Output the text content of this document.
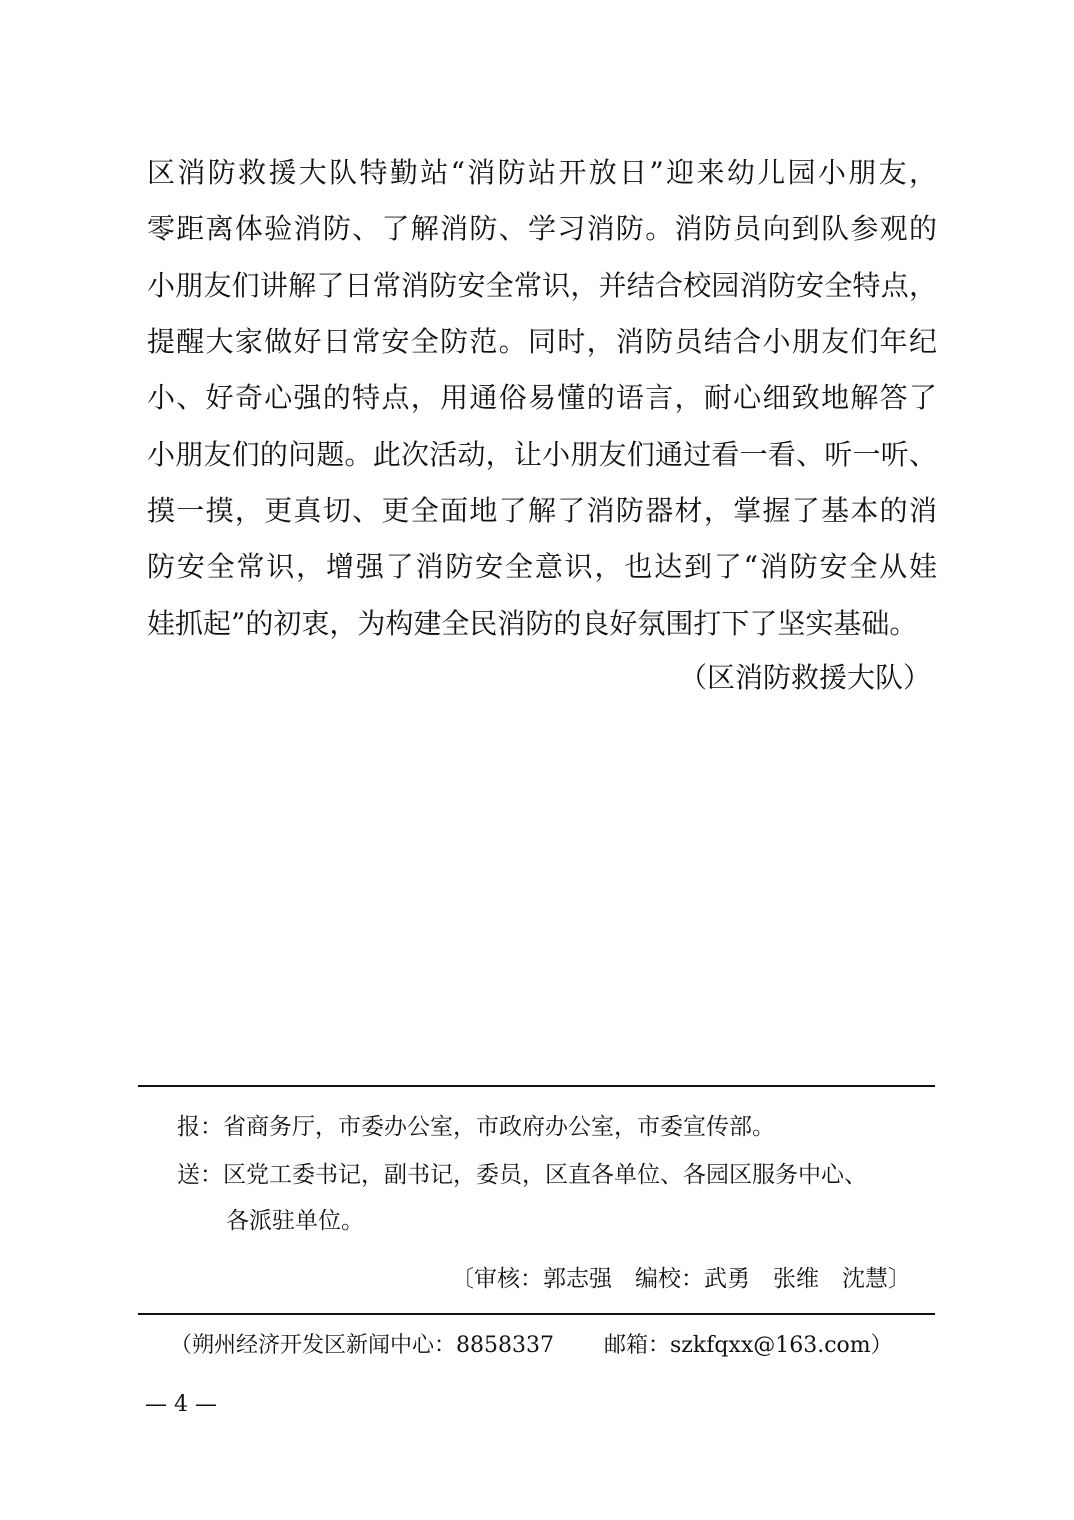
区消防救援大队特勤站“消防站开放日”迎来幼儿园小朋友，
零距离体验消防、了解消防、学习消防。消防员向到队参观的
小朋友们讲解了日常消防安全常识，并结合校园消防安全特点，
提醒大家做好日常安全防范。同时，消防员结合小朋友们年纪
小、好奇心强的特点，用通俗易懂的语言，耐心细致地解答了
小朋友们的问题。此次活动，让小朋友们通过看一看、听一听、
摸一摸，更真切、更全面地了解了消防器材，掌握了基本的消
防安全常识，增强了消防安全意识，也达到了“消防安全从娃
娃抓起”的初衷，为构建全民消防的良好氛围打下了坚实基础。
（区消防救援大队）
报：省商务厅，市委办公室，市政府办公室，市委宣传部。
送：区党工委书记，副书记，委员，区直各单位、各园区服务中心、
各派驻单位。
〔审核：郭志强　编校：武勇　张维　沈慧〕
（朔州经济开发区新闻中心：8858337 邮箱：szkfqxx@163.com）
— 4 —
